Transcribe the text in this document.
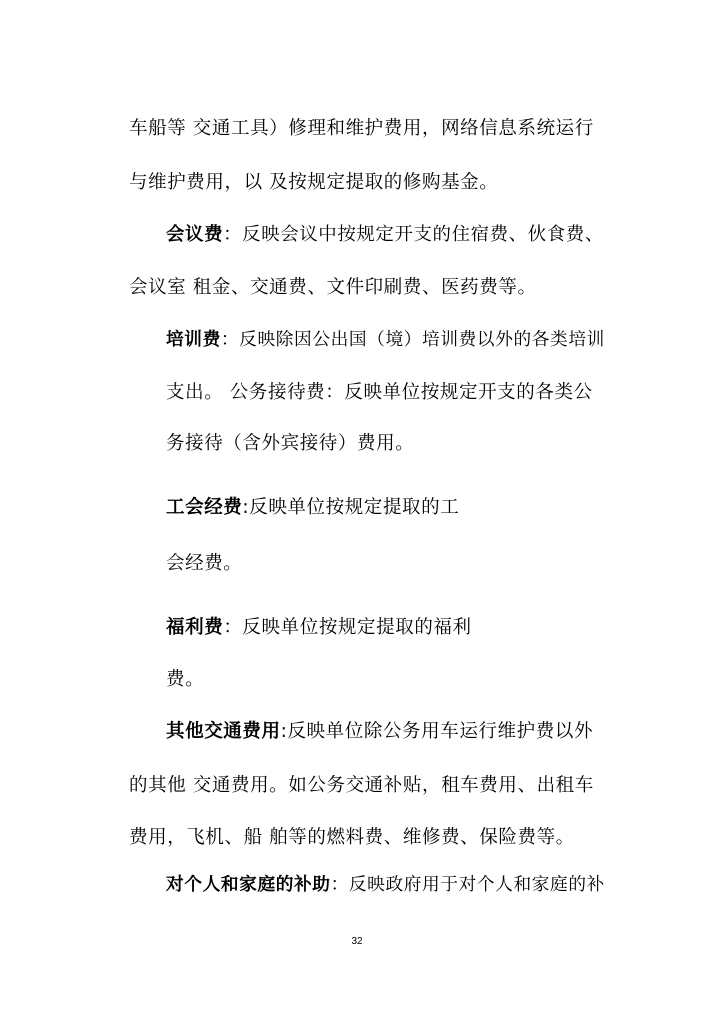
车船等 交通工具）修理和维护费用，网络信息系统运行

与维护费用，以 及按规定提取的修购基金。

会议费：反映会议中按规定开支的住宿费、伙食费、

会议室 租金、交通费、文件印刷费、医药费等。

培训费：反映除因公出国（境）培训费以外的各类培训

支出。 公务接待费：反映单位按规定开支的各类公

务接待（含外宾接待）费用。

工会经费:反映单位按规定提取的工

会经费。

福利费：反映单位按规定提取的福利

费。

其他交通费用:反映单位除公务用车运行维护费以外

的其他 交通费用。如公务交通补贴，租车费用、出租车

费用，飞机、船 舶等的燃料费、维修费、保险费等。

对个人和家庭的补助：反映政府用于对个人和家庭的补

32
